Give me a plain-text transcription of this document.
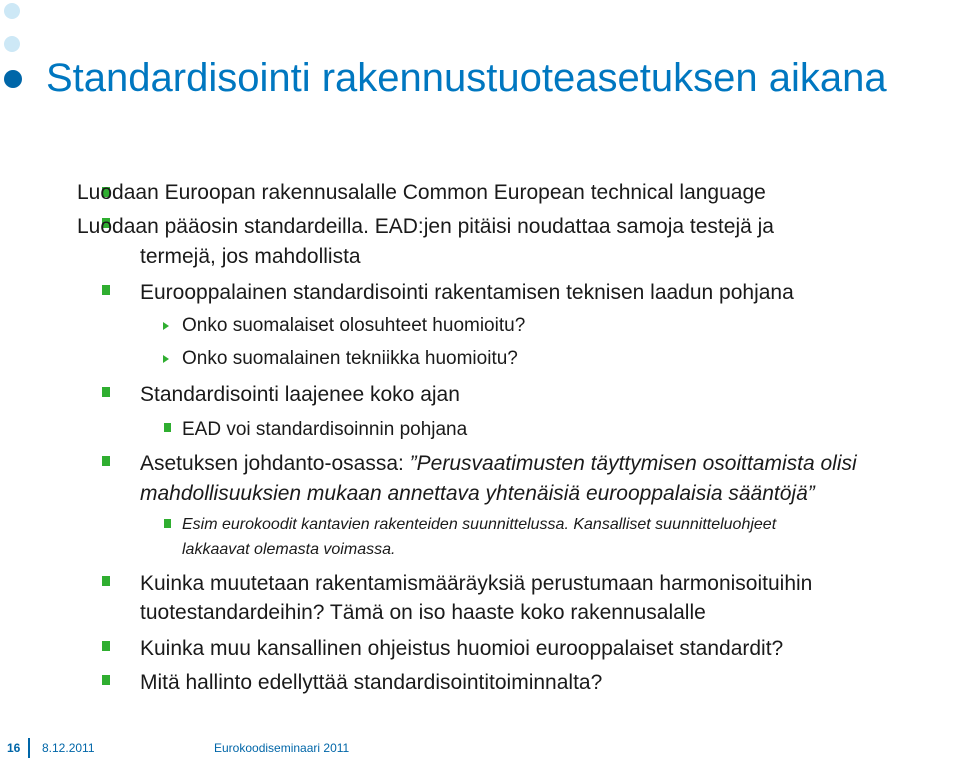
Standardisointi rakennustuoteasetuksen aikana

Luodaan Euroopan rakennusalalle Common European technical language

Luodaan pääosin standardeilla. EAD:jen pitäisi noudattaa samoja testejä ja

termejä, jos mahdollista

Eurooppalainen standardisointi rakentamisen teknisen laadun pohjana

Onko suomalaiset olosuhteet huomioitu?

Onko suomalainen tekniikka huomioitu?

Standardisointi laajenee koko ajan

EAD voi standardisoinnin pohjana

Asetuksen johdanto-osassa: ”Perusvaatimusten täyttymisen osoittamista olisi

mahdollisuuksien mukaan annettava yhtenäisiä eurooppalaisia sääntöjä”

Esim eurokoodit kantavien rakenteiden suunnittelussa. Kansalliset suunnitteluohjeet

lakkaavat olemasta voimassa.

Kuinka muutetaan rakentamismääräyksiä perustumaan harmonisoituihin

tuotestandardeihin? Tämä on iso haaste koko rakennusalalle

Kuinka muu kansallinen ohjeistus huomioi eurooppalaiset standardit?

Mitä hallinto edellyttää standardisointitoiminnalta?

16 8.12.2011	Eurokoodiseminaari 2011
